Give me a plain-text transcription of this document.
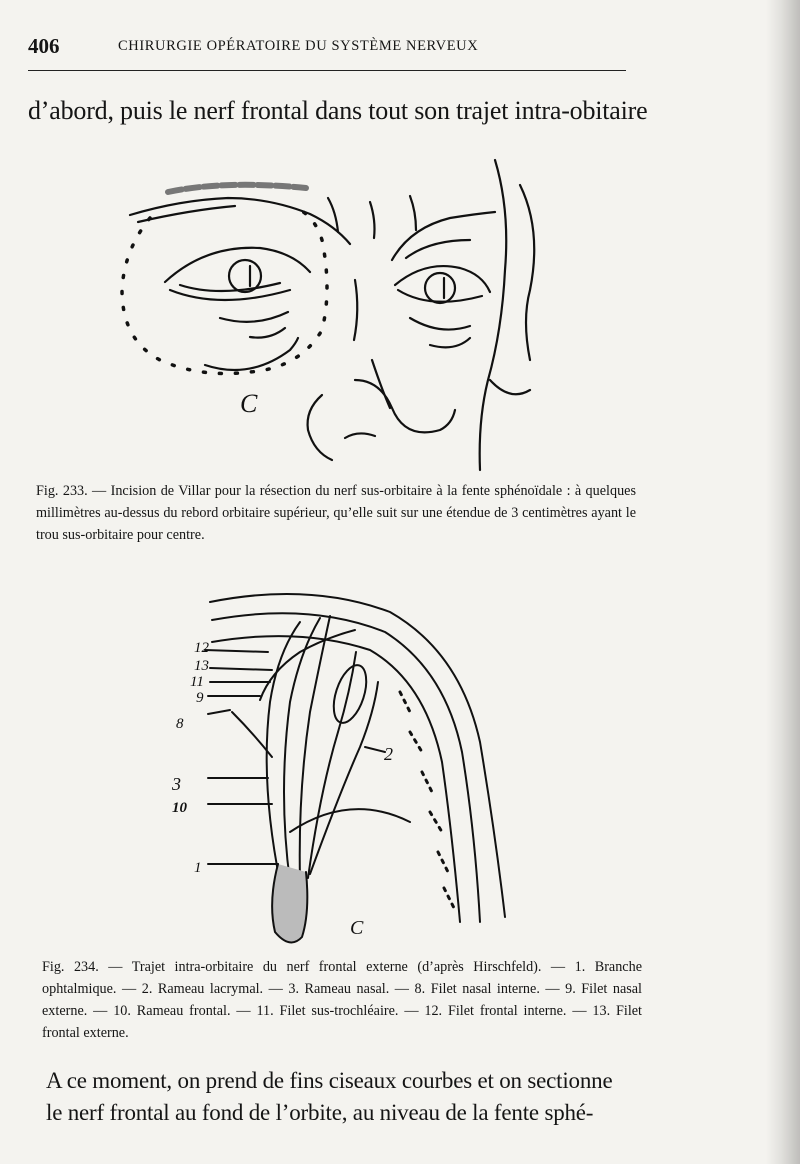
406	CHIRURGIE OPÉRATOIRE DU SYSTÈME NERVEUX
d’abord, puis le nerf frontal dans tout son trajet intra-obitaire
C
Fig. 233. — Incision de Villar pour la résection du nerf sus-orbitaire à la fente sphénoïdale : à quelques millimètres au-dessus du rebord orbitaire supérieur, qu’elle suit sur une étendue de 3 centimètres ayant le trou sus-orbitaire pour centre.
12
13
11
9
8
3
10
1
2
C
Fig. 234. — Trajet intra-orbitaire du nerf frontal externe (d’après Hirschfeld). — 1. Branche ophtalmique. — 2. Rameau lacrymal. — 3. Rameau nasal. — 8. Filet nasal interne. — 9. Filet nasal externe. — 10. Rameau frontal. — 11. Filet sus-trochléaire. — 12. Filet frontal interne. — 13. Filet frontal externe.
A ce moment, on prend de fins ciseaux courbes et on sectionne
le nerf frontal au fond de l’orbite, au niveau de la fente sphé-
